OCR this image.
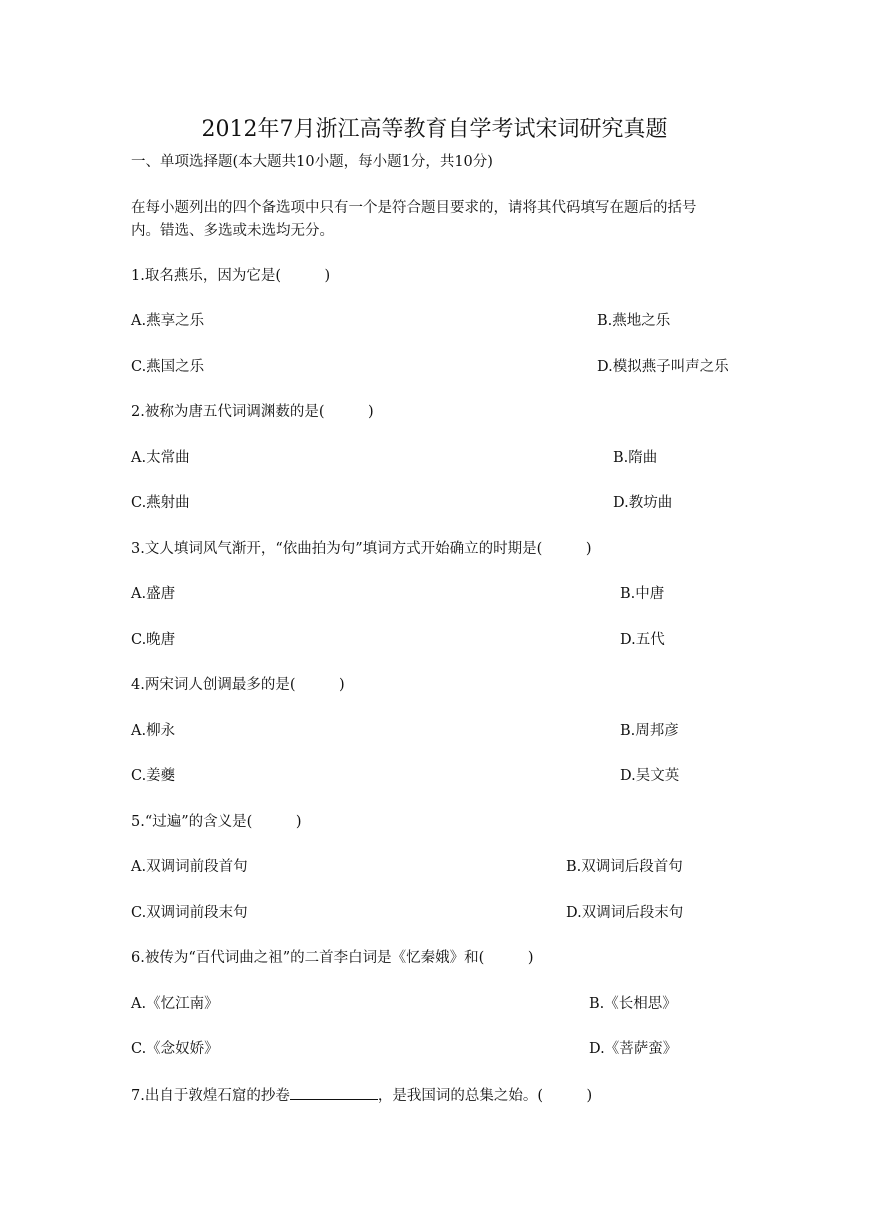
2012年7月浙江高等教育自学考试宋词研究真题
一、单项选择题(本大题共10小题，每小题1分，共10分)
在每小题列出的四个备选项中只有一个是符合题目要求的，请将其代码填写在题后的括号
内。错选、多选或未选均无分。
1.取名燕乐，因为它是(　　　)
A.燕享之乐	B.燕地之乐
C.燕国之乐	D.模拟燕子叫声之乐
2.被称为唐五代词调渊薮的是(　　　)
A.太常曲	B.隋曲
C.燕射曲	D.教坊曲
3.文人填词风气渐开，“依曲拍为句”填词方式开始确立的时期是(　　　)
A.盛唐	B.中唐
C.晚唐	D.五代
4.两宋词人创调最多的是(　　　)
A.柳永	B.周邦彦
C.姜夔	D.吴文英
5.“过遍”的含义是(　　　)
A.双调词前段首句	B.双调词后段首句
C.双调词前段末句	D.双调词后段末句
6.被传为“百代词曲之祖”的二首李白词是《忆秦娥》和(　　　)
A.《忆江南》	B.《长相思》
C.《念奴娇》	D.《菩萨蛮》
7.出自于敦煌石窟的抄卷	，是我国词的总集之始。(　　　)
